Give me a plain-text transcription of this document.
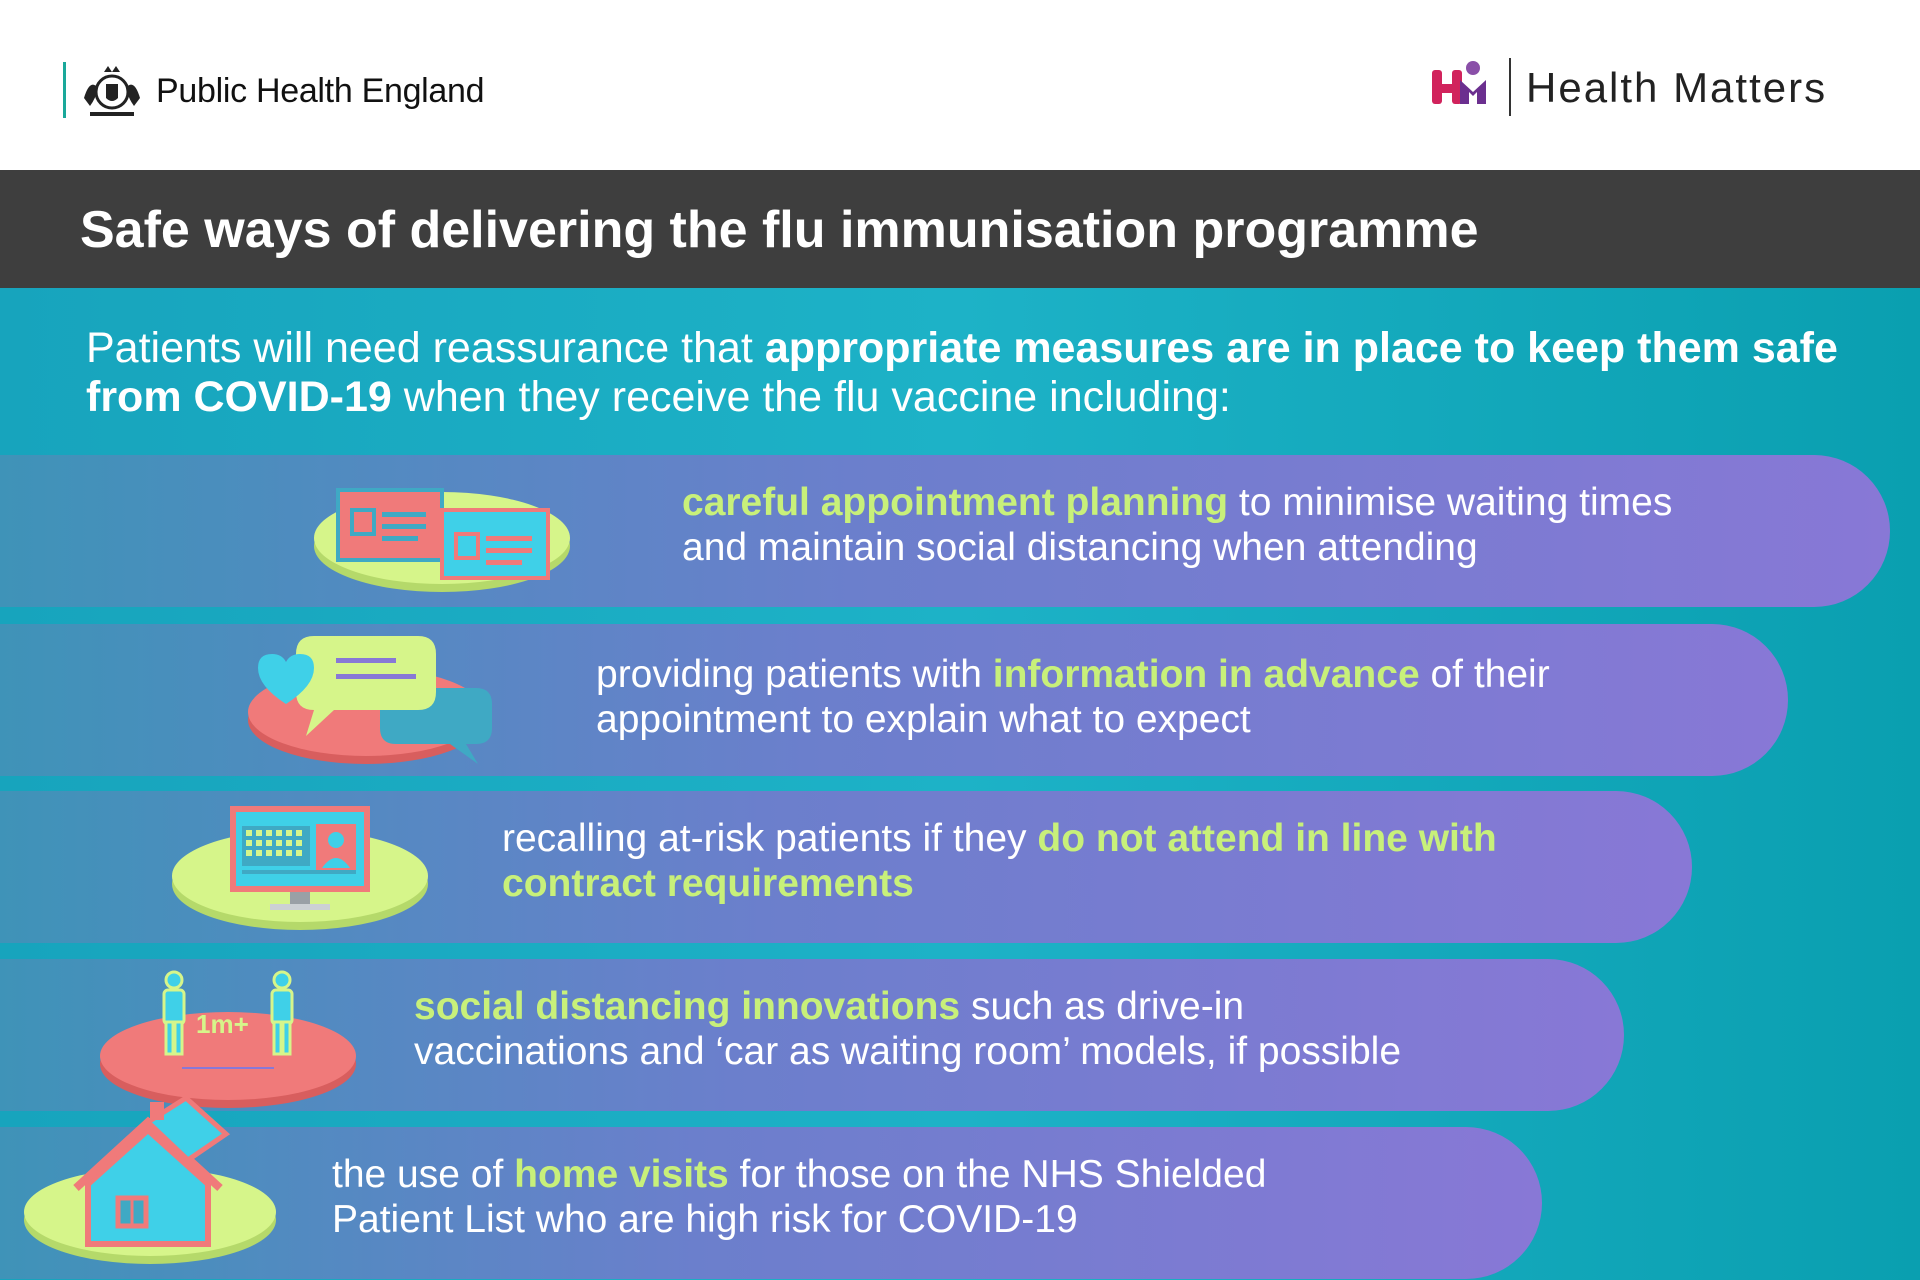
Public Health England	Health Matters
Safe ways of delivering the flu immunisation programme
Patients will need reassurance that appropriate measures are in place to keep them safe from COVID-19 when they receive the flu vaccine including:
careful appointment planning to minimise waiting times
and maintain social distancing when attending
providing patients with information in advance of their
appointment to explain what to expect
recalling at-risk patients if they do not attend in line with
contract requirements
1m+	social distancing innovations such as drive-in
vaccinations and ‘car as waiting room’ models, if possible
the use of home visits for those on the NHS Shielded
Patient List who are high risk for COVID-19
